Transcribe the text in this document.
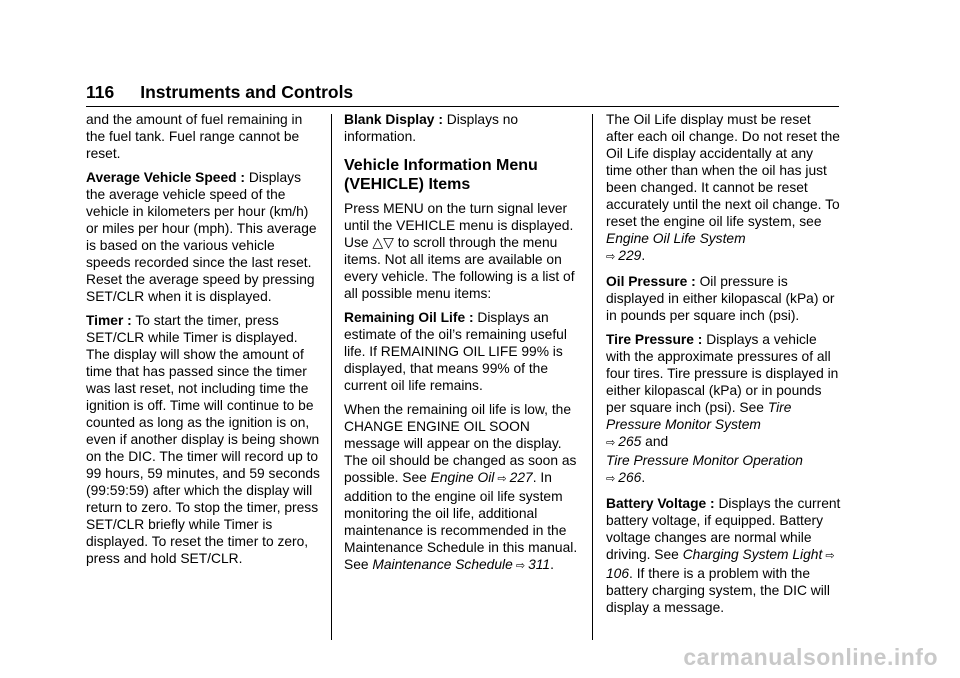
116 Instruments and Controls

and the amount of fuel remaining in the fuel tank. Fuel range cannot be reset.

Average Vehicle Speed : Displays the average vehicle speed of the vehicle in kilometers per hour (km/h) or miles per hour (mph). This average is based on the various vehicle speeds recorded since the last reset. Reset the average speed by pressing SET/CLR when it is displayed.

Timer : To start the timer, press SET/CLR while Timer is displayed. The display will show the amount of time that has passed since the timer was last reset, not including time the ignition is off. Time will continue to be counted as long as the ignition is on, even if another display is being shown on the DIC. The timer will record up to 99 hours, 59 minutes, and 59 seconds (99:59:59) after which the display will return to zero. To stop the timer, press SET/CLR briefly while Timer is displayed. To reset the timer to zero, press and hold SET/CLR.

Blank Display : Displays no information.

Vehicle Information Menu (VEHICLE) Items

Press MENU on the turn signal lever until the VEHICLE menu is displayed. Use △▽ to scroll through the menu items. Not all items are available on every vehicle. The following is a list of all possible menu items:

Remaining Oil Life : Displays an estimate of the oil’s remaining useful life. If REMAINING OIL LIFE 99% is displayed, that means 99% of the current oil life remains.

When the remaining oil life is low, the CHANGE ENGINE OIL SOON message will appear on the display. The oil should be changed as soon as possible. See Engine Oil ⇨ 227. In addition to the engine oil life system monitoring the oil life, additional maintenance is recommended in the Maintenance Schedule in this manual. See Maintenance Schedule ⇨ 311.

The Oil Life display must be reset after each oil change. Do not reset the Oil Life display accidentally at any time other than when the oil has just been changed. It cannot be reset accurately until the next oil change. To reset the engine oil life system, see Engine Oil Life System
⇨ 229.

Oil Pressure : Oil pressure is displayed in either kilopascal (kPa) or in pounds per square inch (psi).

Tire Pressure : Displays a vehicle with the approximate pressures of all four tires. Tire pressure is displayed in either kilopascal (kPa) or in pounds per square inch (psi). See Tire Pressure Monitor System
⇨ 265 and
Tire Pressure Monitor Operation
⇨ 266.

Battery Voltage : Displays the current battery voltage, if equipped. Battery voltage changes are normal while driving. See Charging System Light ⇨ 106. If there is a problem with the battery charging system, the DIC will display a message.

carmanualsonline.info
